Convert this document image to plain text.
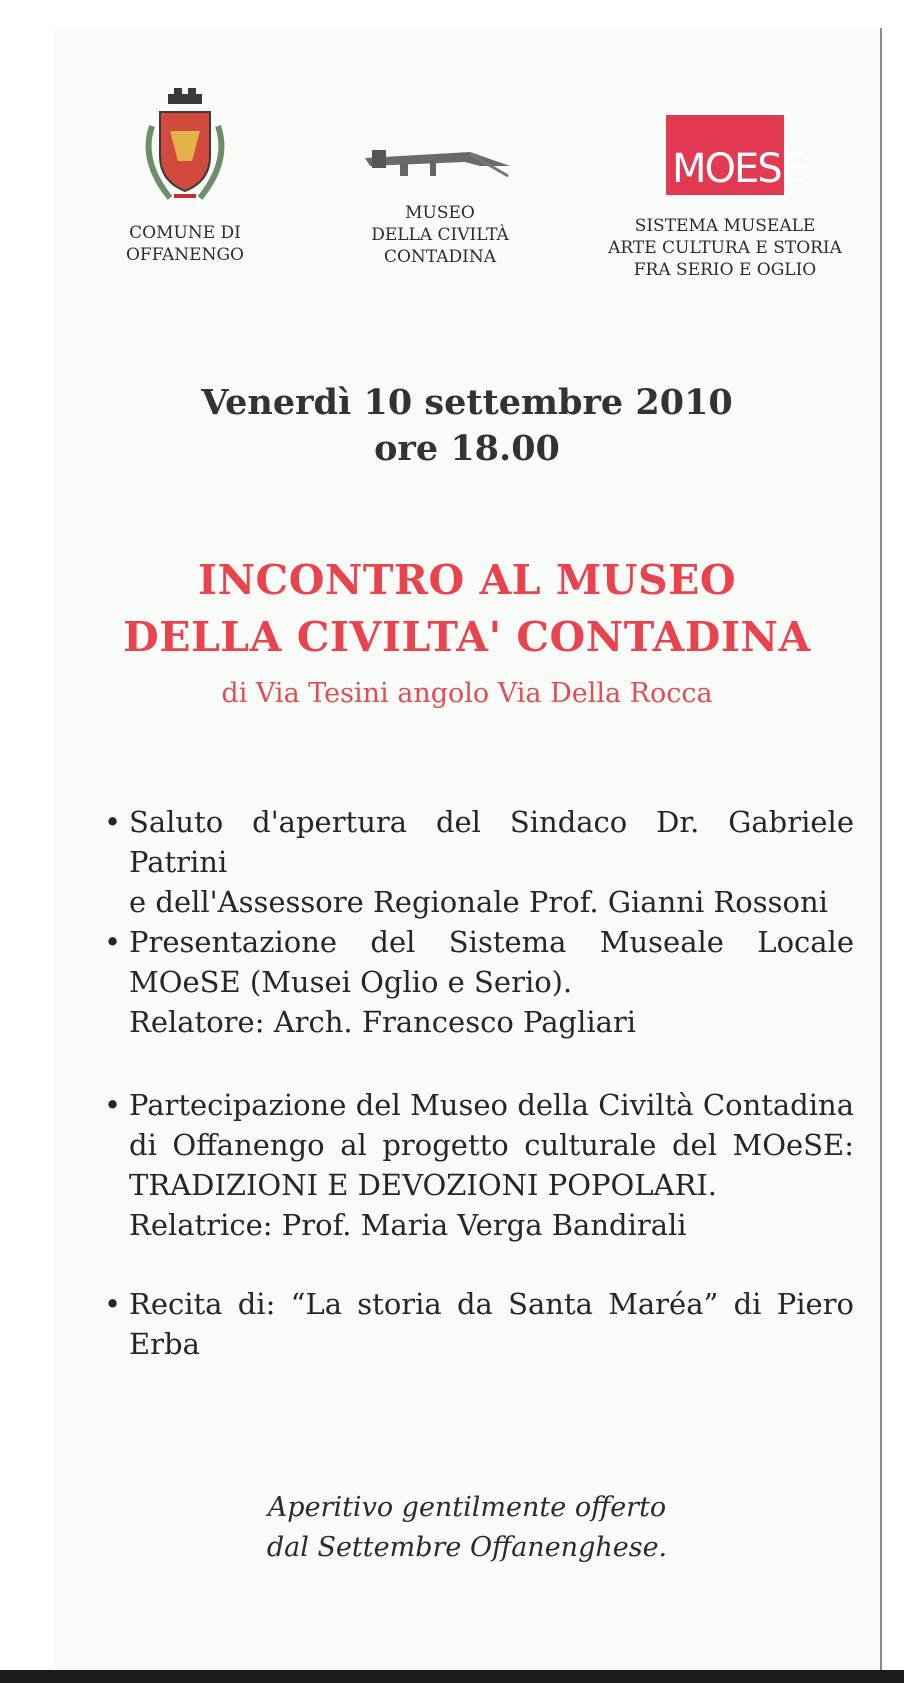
COMUNE DI
OFFANENGO
MUSEO
DELLA CIVILTÀ
CONTADINA
MOESE
SISTEMA MUSEALE
ARTE CULTURA E STORIA
FRA SERIO E OGLIO
Venerdì 10 settembre 2010
ore 18.00
INCONTRO AL MUSEO
DELLA CIVILTA' CONTADINA
di Via Tesini angolo Via Della Rocca
• Saluto d'apertura del Sindaco Dr. Gabriele Patrini
e dell'Assessore Regionale Prof. Gianni Rossoni
• Presentazione del Sistema Museale Locale
MOeSE (Musei Oglio e Serio).
Relatore: Arch. Francesco Pagliari
• Partecipazione del Museo della Civiltà Contadina
di Offanengo al progetto culturale del MOeSE:
TRADIZIONI E DEVOZIONI POPOLARI.
Relatrice: Prof. Maria Verga Bandirali
• Recita di: “La storia da Santa Maréa” di Piero
Erba
Aperitivo gentilmente offerto
dal Settembre Offanenghese.
